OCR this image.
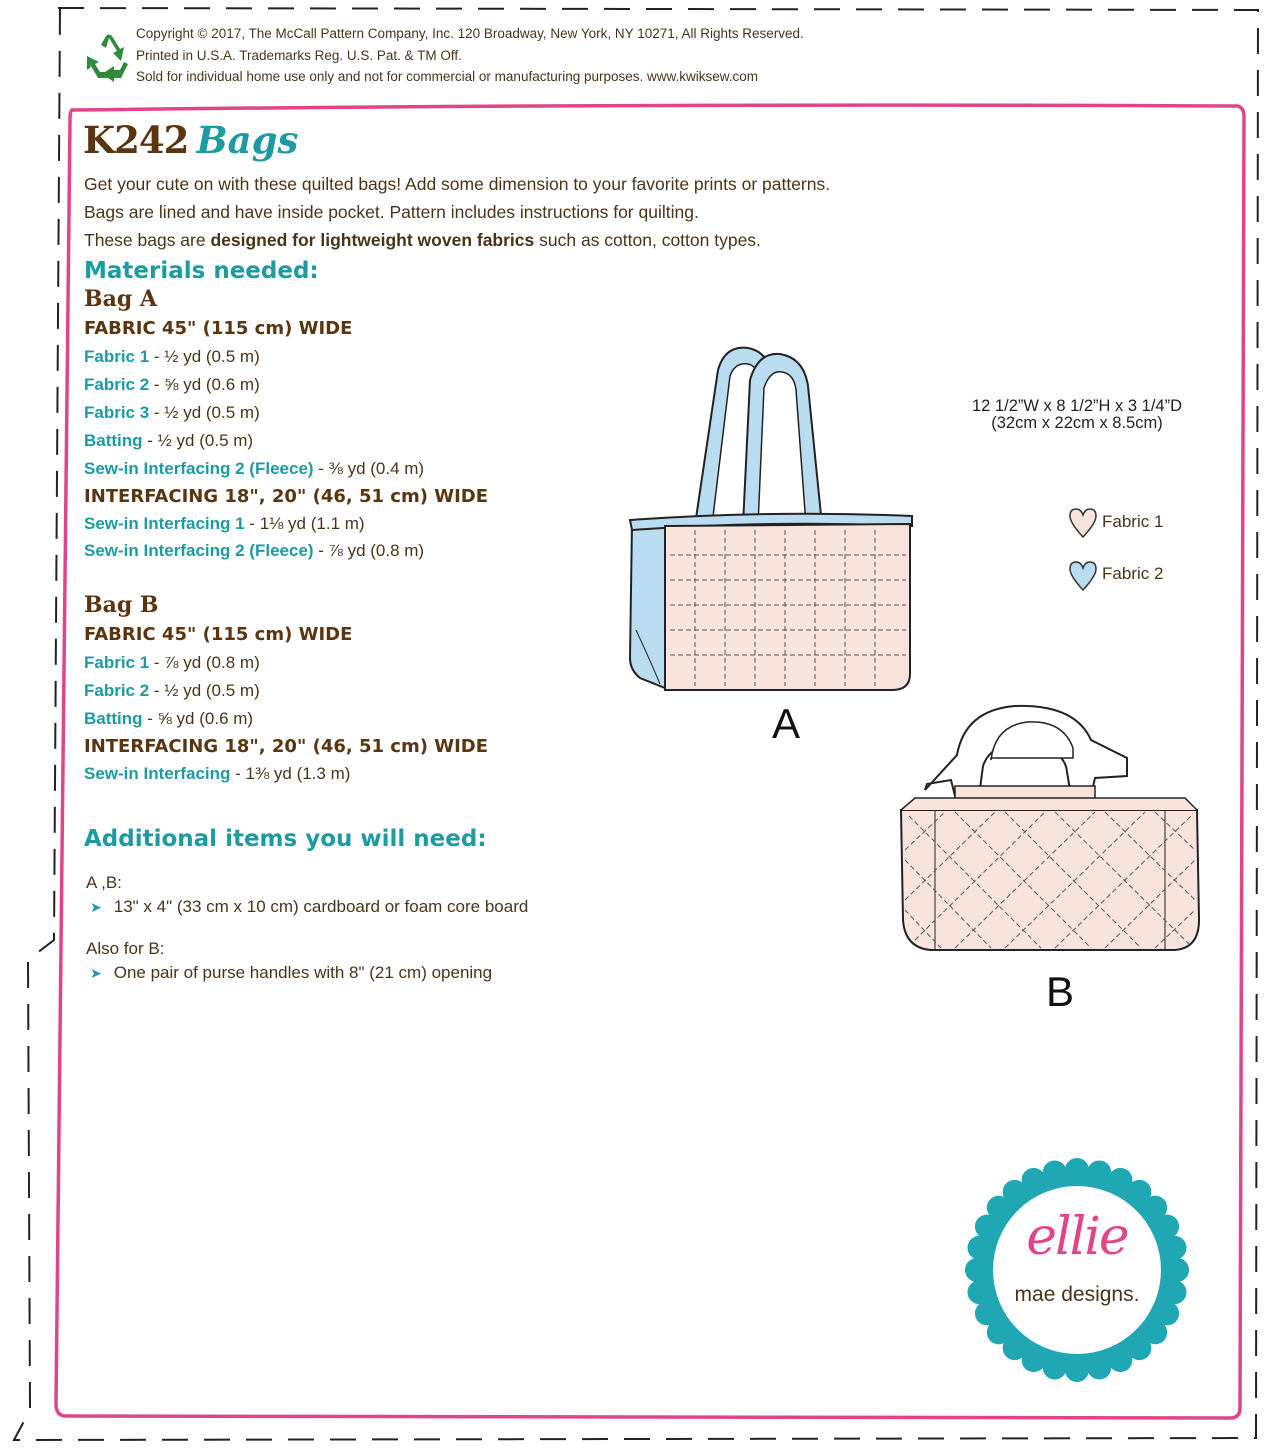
Copyright © 2017, The McCall Pattern Company, Inc. 120 Broadway, New York, NY 10271, All Rights Reserved.
Printed in U.S.A. Trademarks Reg. U.S. Pat. & TM Off.
Sold for individual home use only and not for commercial or manufacturing purposes. www.kwiksew.com
K242 Bags
Get your cute on with these quilted bags! Add some dimension to your favorite prints or patterns.
Bags are lined and have inside pocket. Pattern includes instructions for quilting.
These bags are designed for lightweight woven fabrics such as cotton, cotton types.
Materials needed:
Bag A
FABRIC 45" (115 cm) WIDE
Fabric 1 - ½ yd (0.5 m)
Fabric 2 - ⅝ yd (0.6 m)
Fabric 3 - ½ yd (0.5 m)
Batting - ½ yd (0.5 m)
Sew-in Interfacing 2 (Fleece) - ⅜ yd (0.4 m)
INTERFACING 18", 20" (46, 51 cm) WIDE
Sew-in Interfacing 1 - 1⅛ yd (1.1 m)
Sew-in Interfacing 2 (Fleece) - ⅞ yd (0.8 m)
Bag B
FABRIC 45" (115 cm) WIDE
Fabric 1 - ⅞ yd (0.8 m)
Fabric 2 - ½ yd (0.5 m)
Batting - ⅝ yd (0.6 m)
INTERFACING 18", 20" (46, 51 cm) WIDE
Sew-in Interfacing - 1⅜ yd (1.3 m)
Additional items you will need:
A ,B:
➤ 13" x 4" (33 cm x 10 cm) cardboard or foam core board
Also for B:
➤ One pair of purse handles with 8" (21 cm) opening
A
B
12 1/2”W x 8 1/2”H x 3 1/4”D
(32cm x 22cm x 8.5cm)
Fabric 1
Fabric 2
ellie
mae designs.
